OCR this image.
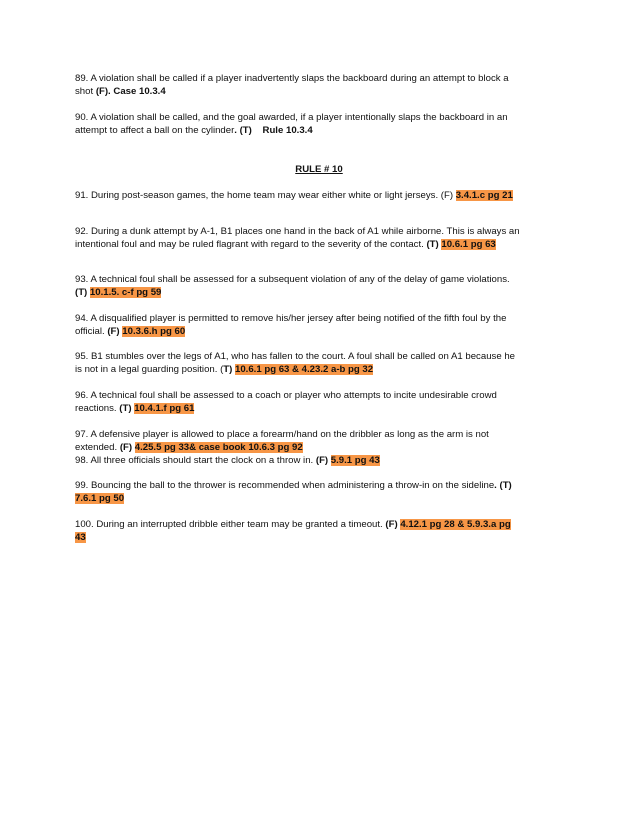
89. A violation shall be called if a player inadvertently slaps the backboard during an attempt to block a
shot (F). Case 10.3.4
90. A violation shall be called, and the goal awarded, if a player intentionally slaps the backboard in an
attempt to affect a ball on the cylinder. (T)    Rule 10.3.4
RULE # 10
91. During post-season games, the home team may wear either white or light jerseys. (F) 3.4.1.c pg 21
92. During a dunk attempt by A-1, B1 places one hand in the back of A1 while airborne. This is always an
intentional foul and may be ruled flagrant with regard to the severity of the contact. (T) 10.6.1 pg 63
93. A technical foul shall be assessed for a subsequent violation of any of the delay of game violations.
(T) 10.1.5. c-f pg 59
94. A disqualified player is permitted to remove his/her jersey after being notified of the fifth foul by the
official. (F) 10.3.6.h pg 60
95. B1 stumbles over the legs of A1, who has fallen to the court. A foul shall be called on A1 because he
is not in a legal guarding position. (T) 10.6.1 pg 63 & 4.23.2 a-b pg 32
96. A technical foul shall be assessed to a coach or player who attempts to incite undesirable crowd
reactions. (T) 10.4.1.f pg 61
97. A defensive player is allowed to place a forearm/hand on the dribbler as long as the arm is not
extended. (F) 4.25.5 pg 33& case book 10.6.3 pg 92
98. All three officials should start the clock on a throw in. (F) 5.9.1 pg 43
99. Bouncing the ball to the thrower is recommended when administering a throw-in on the sideline. (T)
7.6.1 pg 50
100. During an interrupted dribble either team may be granted a timeout. (F) 4.12.1 pg 28 & 5.9.3.a pg
43
